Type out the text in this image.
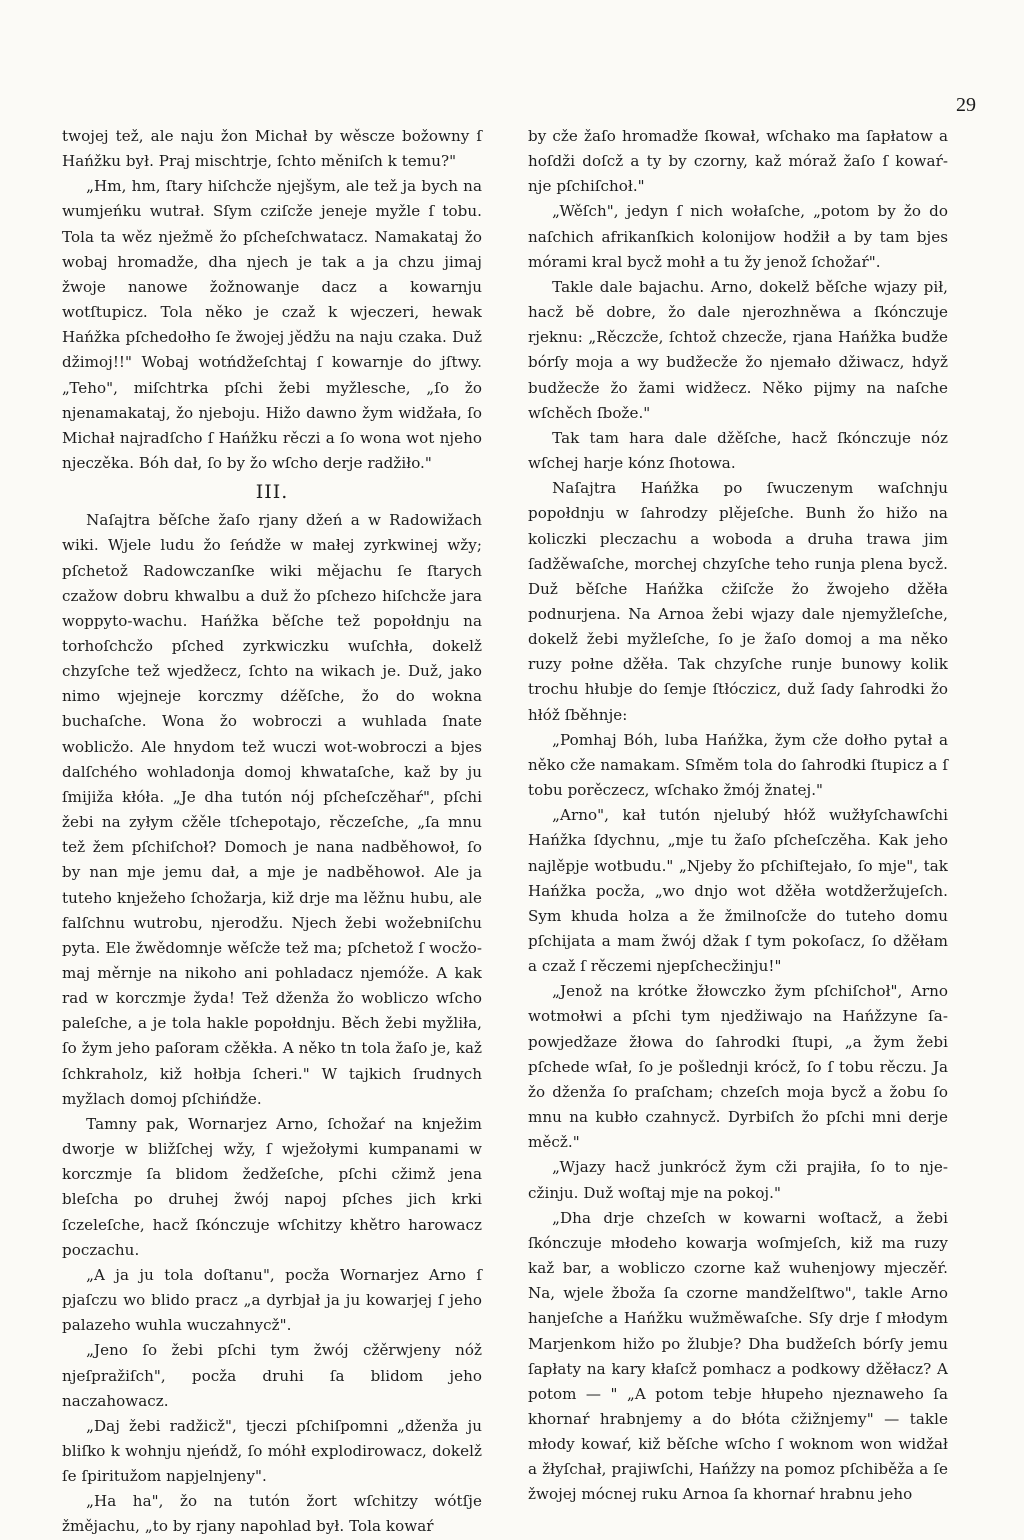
29

twojej tež, ale naju žon Michał by wěscze božowny ſ Hańžku był. Praj mischtrje, ſchto měniſch k temu?"

„Hm, hm, ſtary hiſchcže njejšym, ale tež ja bych na wumjeńku wutrał. Sſym cziſcže jeneje myžle ſ tobu. Tola ta wěz nježmě žo pſcheſchwatacz. Namakataj žo wobaj hromadže, dha njech je tak a ja chzu jimaj žwoje nanowe žožnowanje dacz a kowarnju wotſtupicz. Tola něko je czaž k wjeczeri, hewak Hańžka pſchedołho ſe žwojej jědžu na naju czaka. Duž džimoj!!" Wobaj wotńdžeſchtaj ſ kowarnje do jſtwy. „Teho", miſchtrka pſchi žebi myžlesche, „ſo žo njenamakataj, žo njeboju. Hižo dawno žym widžała, ſo Michał najradſcho ſ Hańžku rěczi a ſo wona wot njeho njeczěka. Bóh dał, ſo by žo wſcho derje radžiło."

III.

Naſajtra běſche žaſo rjany džeń a w Radowižach wiki. Wjele ludu žo ſeńdže w małej zyrkwinej wžy; pſchetož Radowczanſke wiki mějachu ſe ſtarych czažow dobru khwalbu a duž žo pſchezo hiſchcže jara woppyto-wachu. Hańžka běſche tež popołdnju na torhoſchcžo pſched zyrkwiczku wuſchła, dokelž chzyſche tež wjedžecz, ſchto na wikach je. Duž, jako nimo wjejneje korczmy dźěſche, žo do wokna buchaſche. Wona žo wobroczi a wuhlada ſnate woblicžo. Ale hnydom tež wuczi wot-wobroczi a bjes dalſchého wohladonja domoj khwataſche, kaž by ju ſmijiža kłóła. „Je dha tutón nój pſcheſczěhaŕ", pſchi žebi na zyłym cžěle tſchepotajo, rěczeſche, „ſa mnu tež žem pſchiſchoł? Domoch je nana nadběhowoł, ſo by nan mje jemu dał, a mje je nadběhowoł. Ale ja tuteho knježeho ſchožarja, kiž drje ma lěžnu hubu, ale falſchnu wutrobu, njerodžu. Njech žebi wožebniſchu pyta. Ele žwědomnje wěſcže tež ma; pſchetož ſ wocžo-maj měrnje na nikoho ani pohladacz njemóže. A kak rad w korczmje žyda! Tež dženža žo wobliczo wſcho paleſche, a je tola hakle popołdnju. Běch žebi myžliła, ſo žym jeho paſoram cžěkła. A něko tn tola žaſo je, kaž ſchkraholz, kiž hołbja ſcheri." W tajkich ſrudnych myžlach domoj pſchińdže.

Tamny pak, Wornarjez Arno, ſchožaŕ na knježim dworje w bližſchej wžy, ſ wježołymi kumpanami w korczmje ſa blidom žedžeſche, pſchi cžimž jena bleſcha po druhej žwój napoj pſches jich krki ſczeleſche, hacž ſkónczuje wſchitzy khětro harowacz poczachu.

„A ja ju tola doſtanu", pocža Wornarjez Arno ſ pjaſczu wo blido pracz „a dyrbjał ja ju kowarjej ſ jeho palazeho wuhla wuczahnycž".

„Jeno ſo žebi pſchi tym žwój cžěrwjeny nóž njeſpražiſch", pocža druhi ſa blidom jeho naczahowacz.

„Daj žebi radžicž", tjeczi pſchiſpomni „dženža ju bliſko k wohnju njeńdž, ſo móhł explodirowacz, dokelž ſe ſpiritužom napjelnjeny".

„Ha ha", žo na tutón žort wſchitzy wótſje žmějachu, „to by rjany napohlad był. Tola kowaŕ

by cže žaſo hromadže ſkował, wſchako ma ſapłatow a hoſdži doſcž a ty by czorny, kaž móraž žaſo ſ kowaŕ-nje pſchiſchoł."

„Wěſch", jedyn ſ nich wołaſche, „potom by žo do naſchich afrikanſkich kolonijow hodžił a by tam bjes mórami kral bycž mohł a tu žy jenož ſchožaŕ".

Takle dale bajachu. Arno, dokelž běſche wjazy pił, hacž bě dobre, žo dale njerozhněwa a ſkónczuje rjeknu: „Rěczcže, ſchtož chzecže, rjana Hańžka budže bórſy moja a wy budžecže žo njemało džiwacz, hdyž budžecže žo žami widžecz. Něko pijmy na naſche wſchěch ſbože."

Tak tam hara dale džěſche, hacž ſkónczuje nóz wſchej harje kónz ſhotowa.

Naſajtra Hańžka po ſwuczenym waſchnju popołdnju w ſahrodzy plějeſche. Bunh žo hižo na koliczki pleczachu a woboda a druha trawa jim ſadžěwaſche, morchej chzyſche teho runja plena bycž. Duž běſche Hańžka cžiſcže žo žwojeho džěła podnurjena. Na Arnoa žebi wjazy dale njemyžleſche, dokelž žebi myžleſche, ſo je žaſo domoj a ma něko ruzy połne džěła. Tak chzyſche runje bunowy kolik trochu hłubje do ſemje ſtłóczicz, duž ſady ſahrodki žo hłóž ſběhnje:

„Pomhaj Bóh, luba Hańžka, žym cže dołho pytał a něko cže namakam. Sſměm tola do ſahrodki ſtupicz a ſ tobu porěczecz, wſchako žmój žnatej."

„Arno", kał tutón njelubý hłóž wužłyſchawſchi Hańžka ſdychnu, „mje tu žaſo pſcheſczěha. Kak jeho najlěpje wotbudu." „Njeby žo pſchiſtejało, ſo mje", tak Hańžka pocža, „wo dnjo wot džěła wotdžeržujeſch. Sym khuda holza a že žmilnoſcže do tuteho domu pſchijata a mam žwój džak ſ tym pokoſacz, ſo džěłam a czaž ſ rěczemi njepſchecžinju!"

„Jenož na krótke žłowczko žym pſchiſchoł", Arno wotmołwi a pſchi tym njedžiwajo na Hańžzyne ſa-powjedžaze žłowa do ſahrodki ſtupi, „a žym žebi pſchede wſał, ſo je pošlednji krócž, ſo ſ tobu rěczu. Ja žo dženža ſo praſcham; chzeſch moja bycž a žobu ſo mnu na kubło czahnycž. Dyrbiſch žo pſchi mni derje měcž."

„Wjazy hacž junkrócž žym cži prajiła, ſo to nje-cžinju. Duž woſtaj mje na pokoj."

„Dha drje chzeſch w kowarni woſtacž, a žebi ſkónczuje młodeho kowarja woſmjeſch, kiž ma ruzy kaž bar, a wobliczo czorne kaž wuhenjowy mjeczěŕ. Na, wjele žboža ſa czorne mandželſtwo", takle Arno hanjeſche a Hańžku wužměwaſche. Sſy drje ſ młodym Marjenkom hižo po žlubje? Dha budžeſch bórſy jemu ſapłaty na kary kłaſcž pomhacz a podkowy džěłacz? A potom — " „A potom tebje hłupeho njeznaweho ſa khornaŕ hrabnjemy a do błóta cžižnjemy" — takle młody kowaŕ, kiž běſche wſcho ſ woknom won widžał a žłyſchał, prajiwſchi, Hańžzy na pomoz pſchiběža a ſe žwojej mócnej ruku Arnoa ſa khornaŕ hrabnu jeho
